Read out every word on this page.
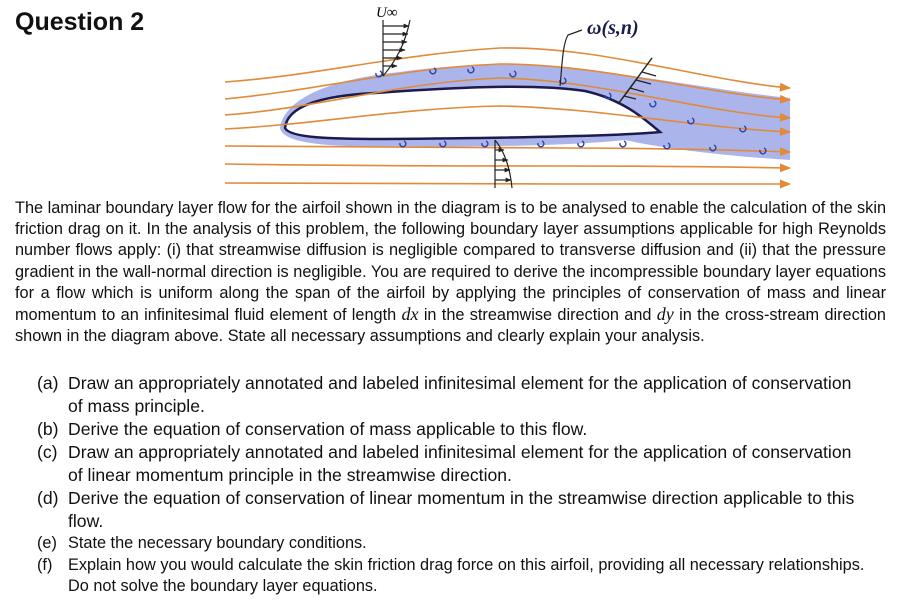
Question 2	U∞
ω(s,n)

The laminar boundary layer flow for the airfoil shown in the diagram is to be analysed to enable the calculation of the skin friction drag on it. In the analysis of this problem, the following boundary layer assumptions applicable for high Reynolds number flows apply: (i) that streamwise diffusion is negligible compared to transverse diffusion and (ii) that the pressure gradient in the wall-normal direction is negligible. You are required to derive the incompressible boundary layer equations for a flow which is uniform along the span of the airfoil by applying the principles of conservation of mass and linear momentum to an infinitesimal fluid element of length dx in the streamwise direction and dy in the cross-stream direction shown in the diagram above. State all necessary assumptions and clearly explain your analysis.

(a) Draw an appropriately annotated and labeled infinitesimal element for the application of conservation of mass principle.
(b) Derive the equation of conservation of mass applicable to this flow.
(c) Draw an appropriately annotated and labeled infinitesimal element for the application of conservation of linear momentum principle in the streamwise direction.
(d) Derive the equation of conservation of linear momentum in the streamwise direction applicable to this flow.
(e) State the necessary boundary conditions.
(f) Explain how you would calculate the skin friction drag force on this airfoil, providing all necessary relationships. Do not solve the boundary layer equations.
